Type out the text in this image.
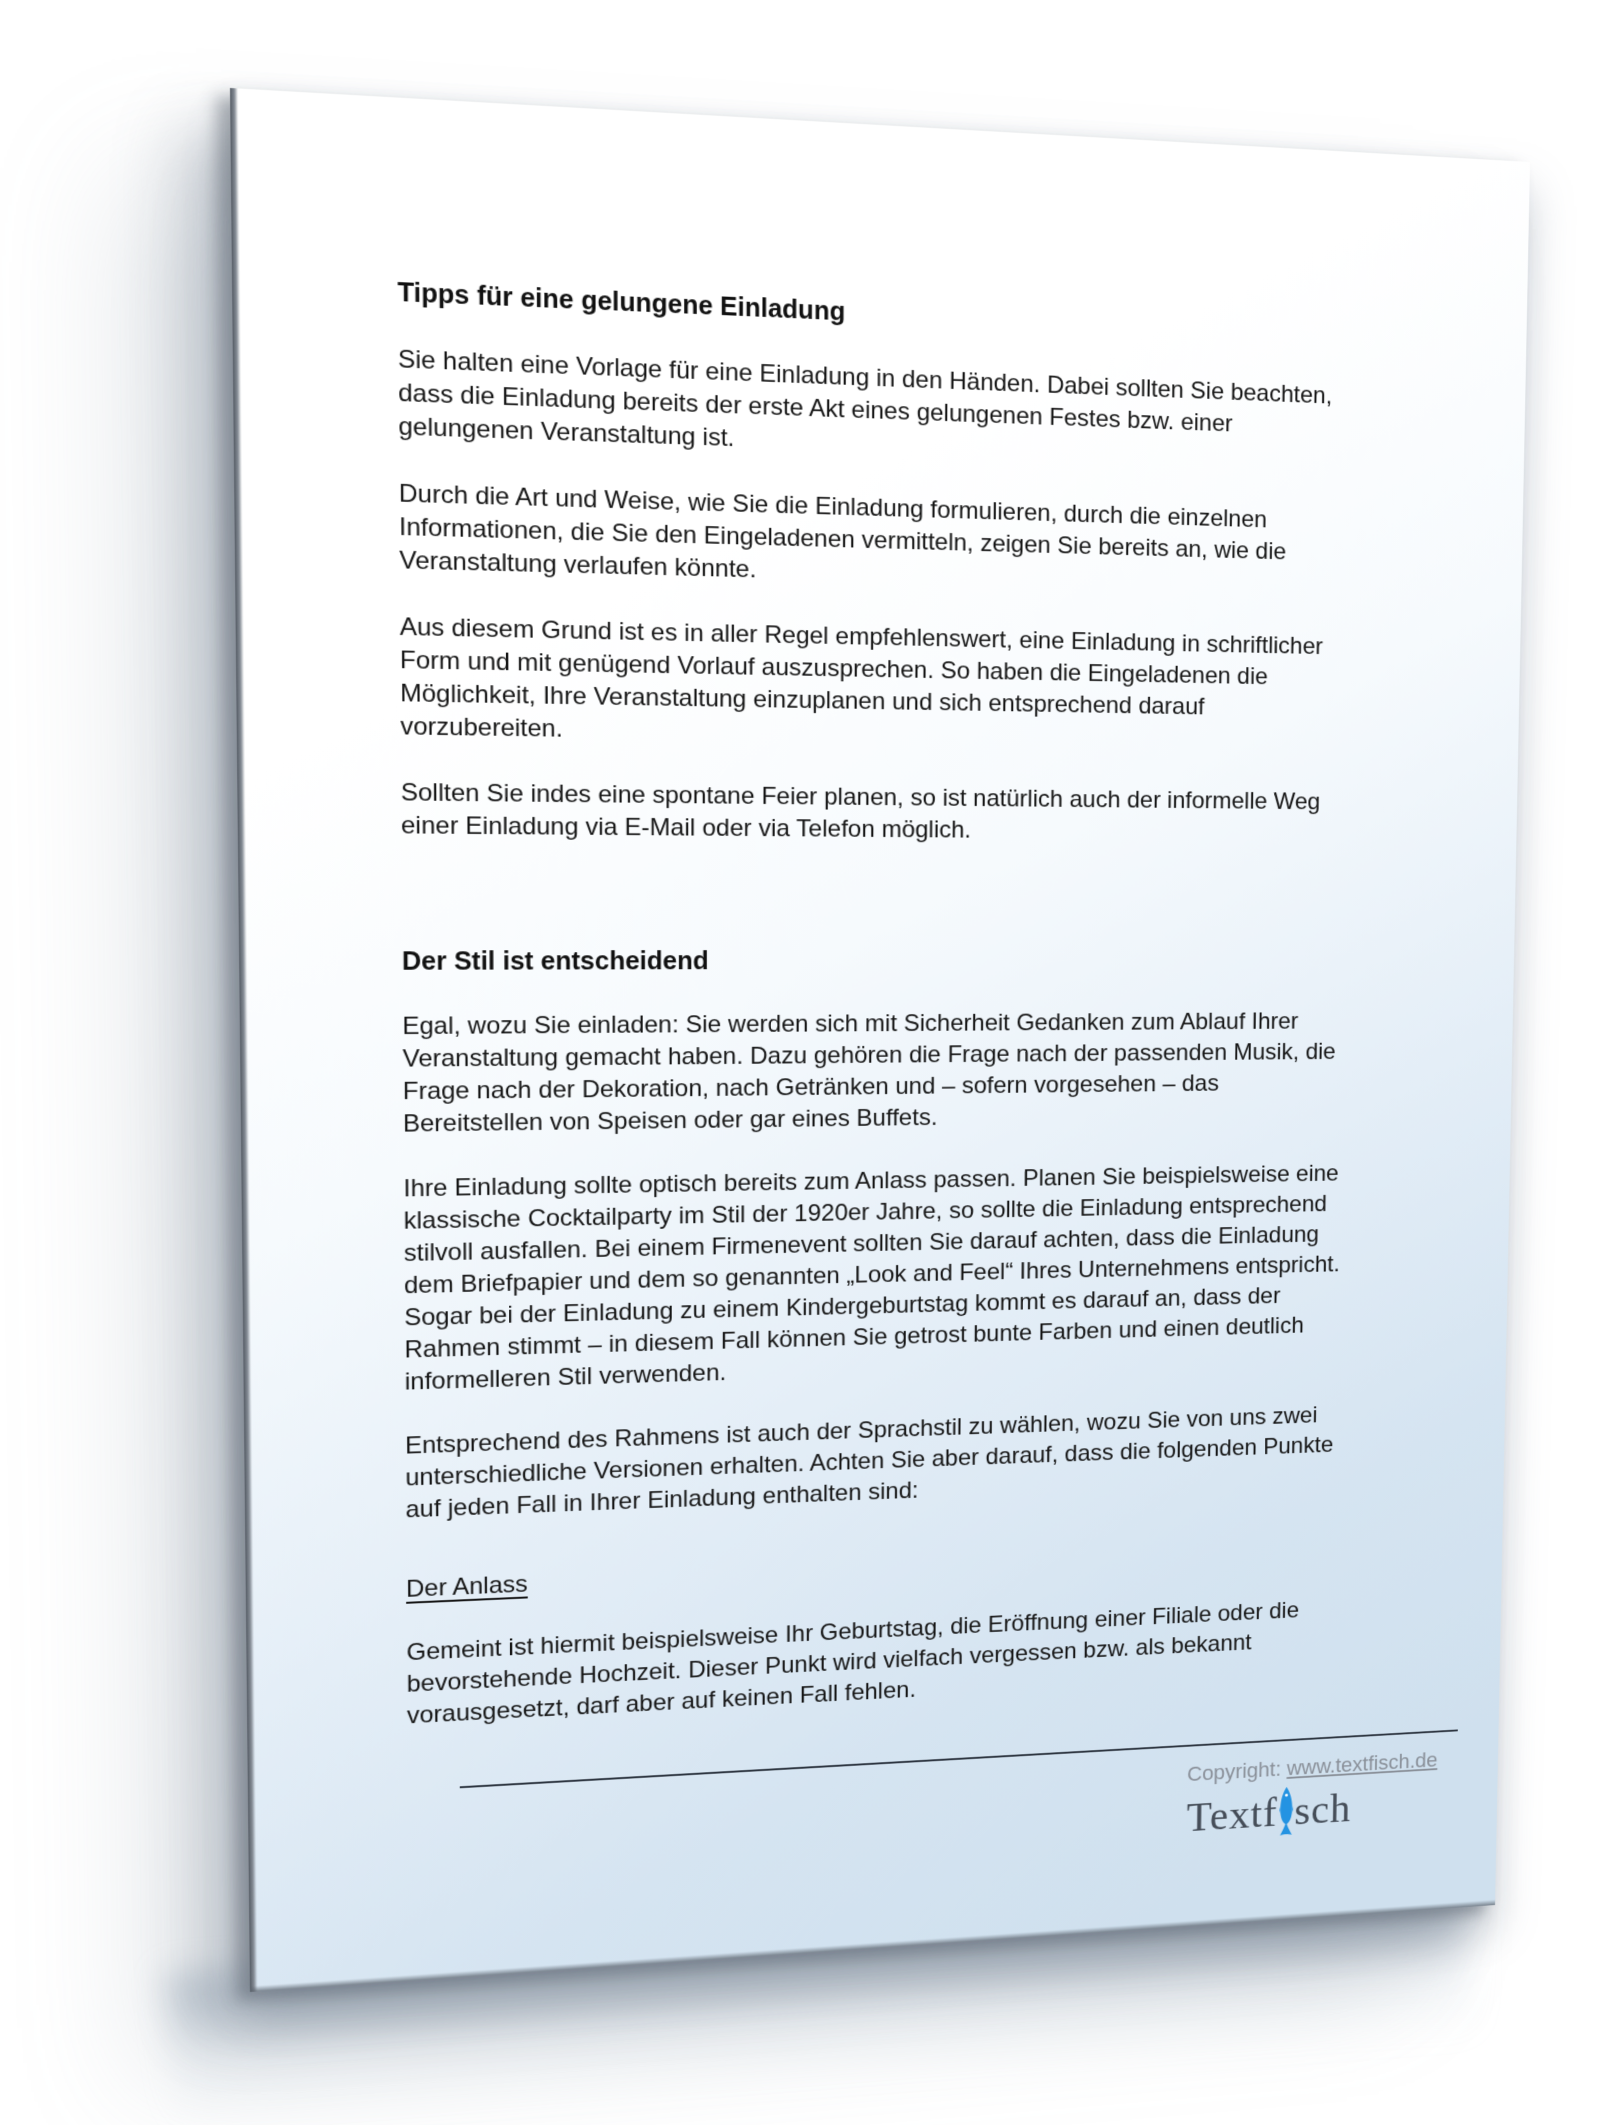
Tipps für eine gelungene Einladung

Sie halten eine Vorlage für eine Einladung in den Händen. Dabei sollten Sie beachten,
dass die Einladung bereits der erste Akt eines gelungenen Festes bzw. einer
gelungenen Veranstaltung ist.

Durch die Art und Weise, wie Sie die Einladung formulieren, durch die einzelnen
Informationen, die Sie den Eingeladenen vermitteln, zeigen Sie bereits an, wie die
Veranstaltung verlaufen könnte.

Aus diesem Grund ist es in aller Regel empfehlenswert, eine Einladung in schriftlicher
Form und mit genügend Vorlauf auszusprechen. So haben die Eingeladenen die
Möglichkeit, Ihre Veranstaltung einzuplanen und sich entsprechend darauf
vorzubereiten.

Sollten Sie indes eine spontane Feier planen, so ist natürlich auch der informelle Weg
einer Einladung via E-Mail oder via Telefon möglich.

Der Stil ist entscheidend

Egal, wozu Sie einladen: Sie werden sich mit Sicherheit Gedanken zum Ablauf Ihrer
Veranstaltung gemacht haben. Dazu gehören die Frage nach der passenden Musik, die
Frage nach der Dekoration, nach Getränken und – sofern vorgesehen – das
Bereitstellen von Speisen oder gar eines Buffets.

Ihre Einladung sollte optisch bereits zum Anlass passen. Planen Sie beispielsweise eine
klassische Cocktailparty im Stil der 1920er Jahre, so sollte die Einladung entsprechend
stilvoll ausfallen. Bei einem Firmenevent sollten Sie darauf achten, dass die Einladung
dem Briefpapier und dem so genannten „Look and Feel“ Ihres Unternehmens entspricht.
Sogar bei der Einladung zu einem Kindergeburtstag kommt es darauf an, dass der
Rahmen stimmt – in diesem Fall können Sie getrost bunte Farben und einen deutlich
informelleren Stil verwenden.

Entsprechend des Rahmens ist auch der Sprachstil zu wählen, wozu Sie von uns zwei
unterschiedliche Versionen erhalten. Achten Sie aber darauf, dass die folgenden Punkte
auf jeden Fall in Ihrer Einladung enthalten sind:

Der Anlass

Gemeint ist hiermit beispielsweise Ihr Geburtstag, die Eröffnung einer Filiale oder die
bevorstehende Hochzeit. Dieser Punkt wird vielfach vergessen bzw. als bekannt
vorausgesetzt, darf aber auf keinen Fall fehlen.

Copyright: www.textfisch.de
Textf sch
